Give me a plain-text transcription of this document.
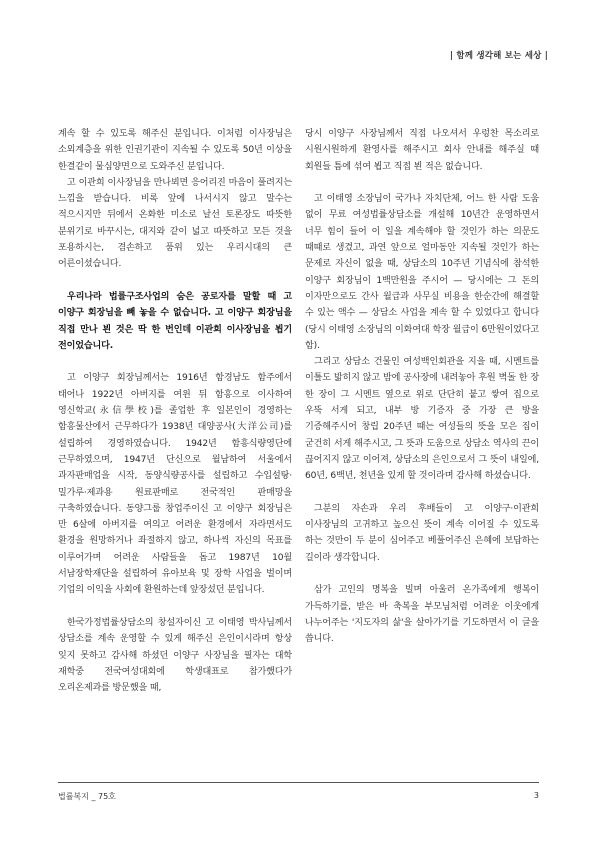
| 함께 생각해 보는 세상 |

계속 할 수 있도록 해주신 분입니다. 이처럼 이사장님은 소외계층을 위한 인권기관이 지속될 수 있도록 50년 이상을 한결같이 물심양면으로 도와주신 분입니다.

고 이관희 이사장님을 만나뵈면 응어리진 마음이 풀려지는 느낌을 받습니다. 비록 앞에 나서시지 않고 말수는 적으시지만 뒤에서 온화한 미소로 날선 토론장도 따뜻한 분위기로 바꾸시는, 대지와 같이 넓고 따뜻하고 모든 것을 포용하시는, 겸손하고 품위 있는 우리시대의 큰 어른이셨습니다.

우리나라 법률구조사업의 숨은 공로자를 말할 때 고 이양구 회장님을 빼 놓을 수 없습니다. 고 이양구 회장님을 직접 만나 뵌 것은 딱 한 번인데 이관희 이사장님을 뵙기 전이었습니다.

고 이양구 회장님께서는 1916년 함경남도 함주에서 태어나 1922년 아버지를 여윈 뒤 함흥으로 이사하여 영신학교(永信學校)를 졸업한 후 일본인이 경영하는 함흥물산에서 근무하다가 1938년 대양공사(大洋公司)를 설립하여 경영하였습니다. 1942년 함흥식량영단에 근무하였으며, 1947년 단신으로 월남하여 서울에서 과자판매업을 시작, 동양식량공사를 설립하고 수입설탕·밀가루·제과용 원료판매로 전국적인 판매망을 구축하였습니다. 동양그룹 창업주이신 고 이양구 회장님은 만 6살에 아버지를 여의고 어려운 환경에서 자라면서도 환경을 원망하거나 좌절하지 않고, 하나씩 자신의 목표를 이루어가며 어려운 사람들을 돕고 1987년 10월 서남장학재단을 설립하여 유아보육 및 장학 사업을 벌이며 기업의 이익을 사회에 환원하는데 앞장섰던 분입니다.

한국가정법률상담소의 창설자이신 고 이태영 박사님께서 상담소를 계속 운영할 수 있게 해주신 은인이시라며 항상 잊지 못하고 감사해 하셨던 이양구 사장님을 필자는 대학 재학중 전국여성대회에 학생대표로 참가했다가 오리온제과를 방문했을 때,

당시 이양구 사장님께서 직접 나오셔서 우렁찬 목소리로 시원시원하게 환영사를 해주시고 회사 안내를 해주실 때 회원들 틈에 섞여 뵙고 직접 뵌 적은 없습니다.

고 이태영 소장님이 국가나 자치단체, 어느 한 사람 도움 없이 무료 여성법률상담소를 개설해 10년간 운영하면서 너무 힘이 들어 이 일을 계속해야 할 것인가 하는 의문도 때때로 생겼고, 과연 앞으로 얼마동안 지속될 것인가 하는 문제로 자신이 없을 때, 상담소의 10주년 기념식에 참석한 이양구 회장님이 1백만원을 주시어 — 당시에는 그 돈의 이자만으로도 간사 월급과 사무실 비용을 한순간에 해결할 수 있는 액수 — 상담소 사업을 계속 할 수 있었다고 합니다(당시 이태영 소장님의 이화여대 학장 월급이 6만원이었다고 함).

그리고 상담소 건물인 여성백인회관을 지을 때, 시멘트를 이틀도 밟히지 않고 밤에 공사장에 내려놓아 후원 벽돌 한 장 한 장이 그 시멘트 옆으로 위로 단단히 붙고 쌓여 집으로 우뚝 서게 되고, 내부 방 기증자 중 가장 큰 방을 기증해주시어 창립 20주년 때는 여성들의 뜻을 모은 집이 굳건히 서게 해주시고, 그 뜻과 도움으로 상담소 역사의 끈이 끊어지지 않고 이어져, 상담소의 은인으로서 그 뜻이 내일에, 60년, 6백년, 천년을 있게 할 것이라며 감사해 하셨습니다.

그분의 자손과 우리 후배들이 고 이양구·이관희 이사장님의 고귀하고 높으신 뜻이 계속 이어질 수 있도록 하는 것만이 두 분이 심어주고 베풀어주신 은혜에 보답하는 길이라 생각합니다.

삼가 고인의 명복을 빌며 아울러 온가족에게 행복이 가득하기를, 받은 바 축복을 부모님처럼 어려운 이웃에게 나누어주는 '지도자의 삶'을 살아가기를 기도하면서 이 글을 씁니다.

법률복지 _ 75호	3
